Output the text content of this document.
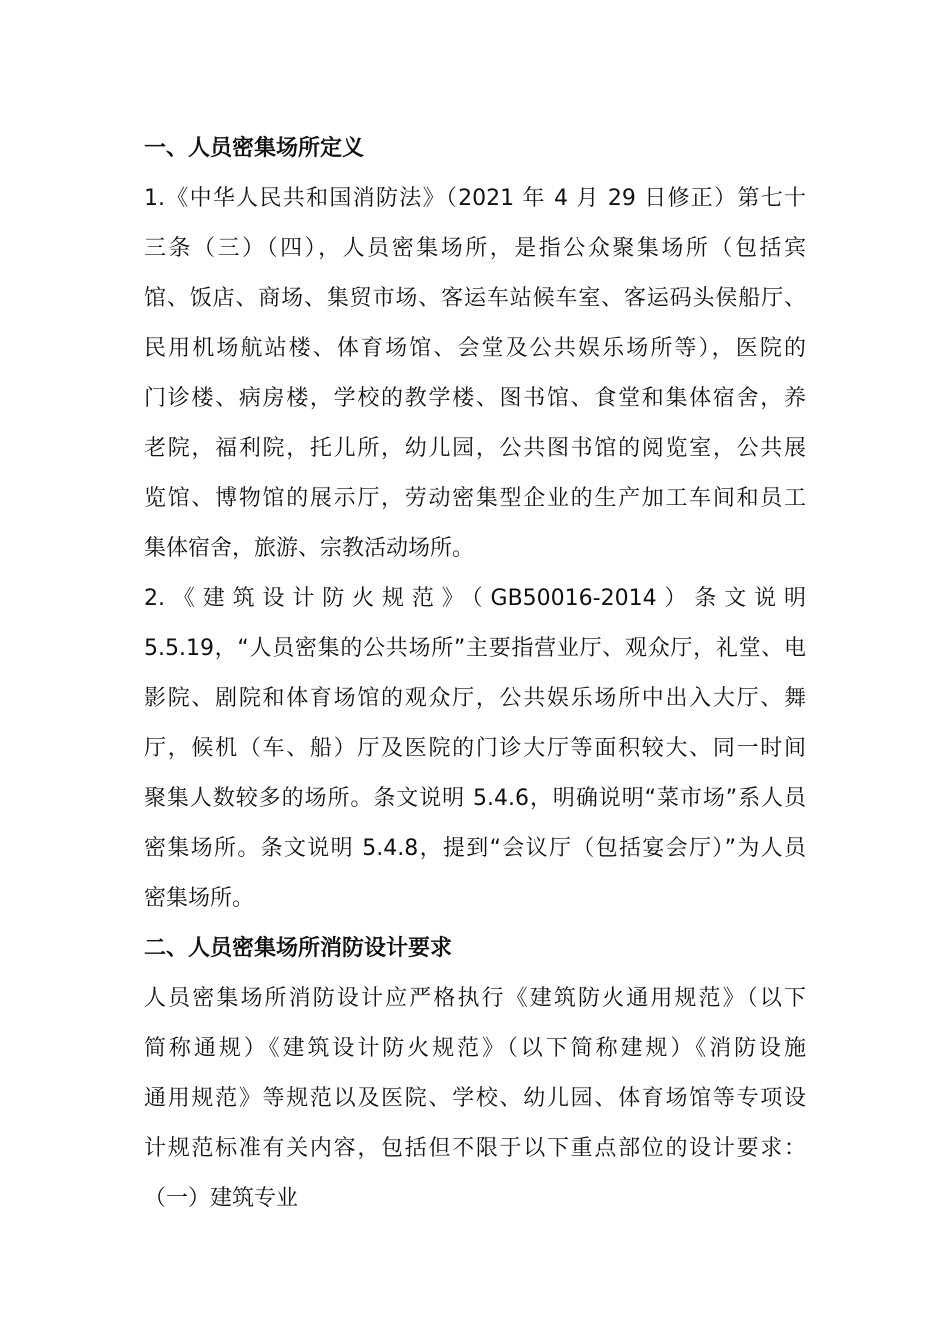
一、人员密集场所定义
1.《中华人民共和国消防法》（2021 年 4 月 29 日修正）第七十
三条（三）（四），人员密集场所，是指公众聚集场所（包括宾
馆、饭店、商场、集贸市场、客运车站候车室、客运码头侯船厅、
民用机场航站楼、体育场馆、会堂及公共娱乐场所等），医院的
门诊楼、病房楼，学校的教学楼、图书馆、食堂和集体宿舍，养
老院，福利院，托儿所，幼儿园，公共图书馆的阅览室，公共展
览馆、博物馆的展示厅，劳动密集型企业的生产加工车间和员工
集体宿舍，旅游、宗教活动场所。
2.《建筑设计防火规范》（GB50016-2014）条文说明
5.5.19，“人员密集的公共场所”主要指营业厅、观众厅，礼堂、电
影院、剧院和体育场馆的观众厅，公共娱乐场所中出入大厅、舞
厅，候机（车、船）厅及医院的门诊大厅等面积较大、同一时间
聚集人数较多的场所。条文说明 5.4.6，明确说明“菜市场”系人员
密集场所。条文说明 5.4.8，提到“会议厅（包括宴会厅）”为人员
密集场所。
二、人员密集场所消防设计要求
人员密集场所消防设计应严格执行《建筑防火通用规范》（以下
简称通规）《建筑设计防火规范》（以下简称建规）《消防设施
通用规范》等规范以及医院、学校、幼儿园、体育场馆等专项设
计规范标准有关内容，包括但不限于以下重点部位的设计要求：
（一）建筑专业
